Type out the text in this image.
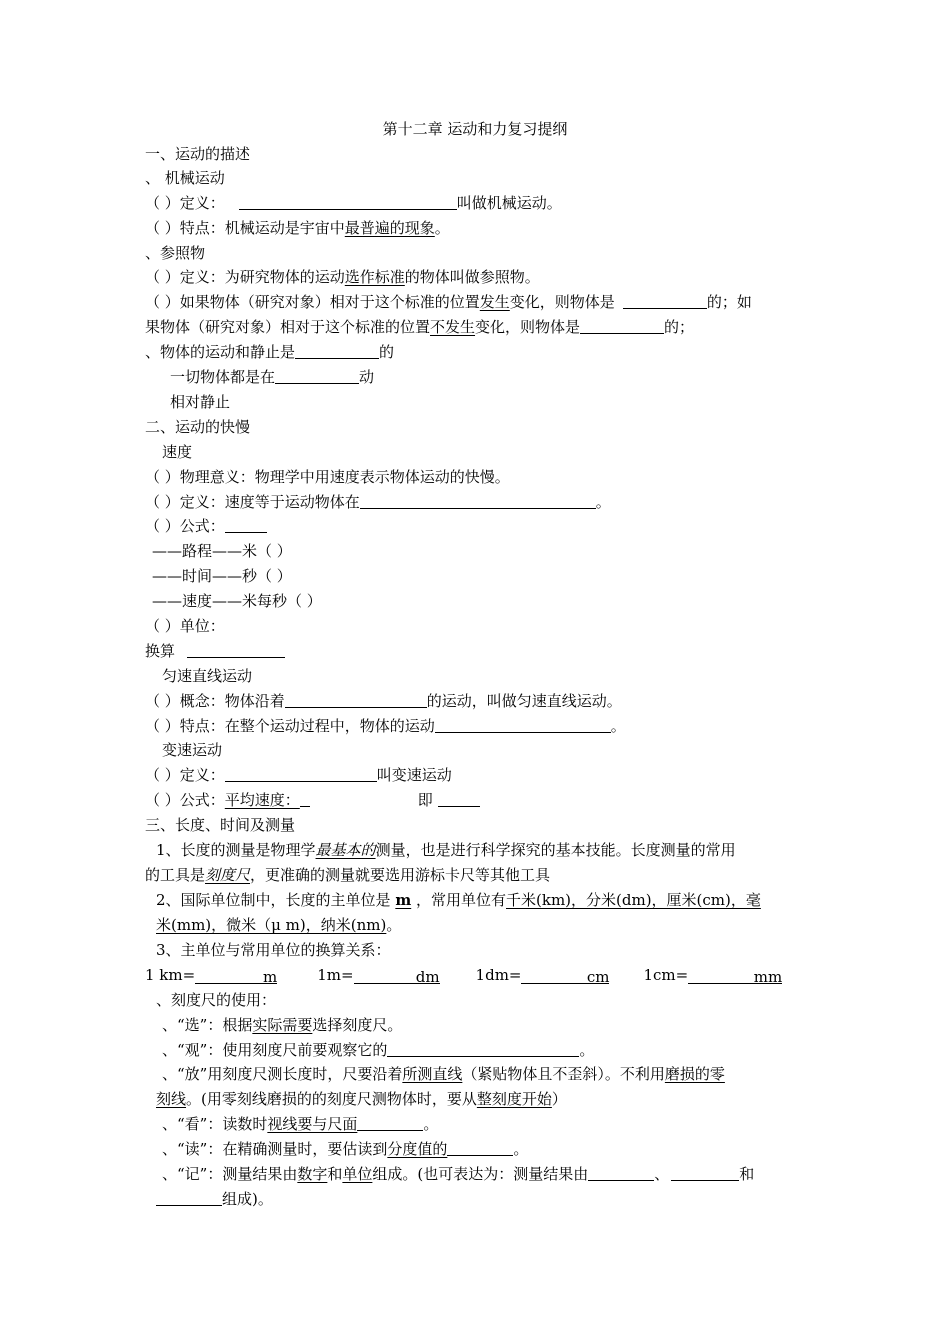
第十二章 运动和力复习提纲
一、运动的描述
、 机械运动
（ ）定义：	叫做机械运动。
（ ）特点：机械运动是宇宙中最普遍的现象。
、参照物
（ ）定义：为研究物体的运动选作标准的物体叫做参照物。
（ ）如果物体（研究对象）相对于这个标准的位置发生变化，则物体是	的；如
果物体（研究对象）相对于这个标准的位置不发生变化，则物体是	的；
、物体的运动和静止是	的
一切物体都是在	动
相对静止
二、运动的快慢
速度
（ ）物理意义：物理学中用速度表示物体运动的快慢。
（ ）定义：速度等于运动物体在	。
（ ）公式：
——路程——米（ ）
——时间——秒（ ）
——速度——米每秒（ ）
（ ）单位：
换算
匀速直线运动
（ ）概念：物体沿着	的运动，叫做匀速直线运动。
（ ）特点：在整个运动过程中，物体的运动	。
变速运动
（ ）定义：	叫变速运动
（ ）公式：平均速度：	即
三、长度、时间及测量
1、长度的测量是物理学最基本的测量，也是进行科学探究的基本技能。长度测量的常用
的工具是刻度尺，更准确的测量就要选用游标卡尺等其他工具
2、国际单位制中，长度的主单位是 m ，常用单位有千米(km)，分米(dm)，厘米(cm)，毫
米(mm)，微米（μ m)，纳米(nm)。
3、主单位与常用单位的换算关系：
1 km=	m	1m=	dm 1dm=	cm 1cm=	mm
、刻度尺的使用：
、“选”：根据实际需要选择刻度尺。
、“观”：使用刻度尺前要观察它的	。
、“放”用刻度尺测长度时，尺要沿着所测直线（紧贴物体且不歪斜）。不利用磨损的零
刻线。(用零刻线磨损的的刻度尺测物体时，要从整刻度开始）
、“看”：读数时视线要与尺面	。
、“读”：在精确测量时，要估读到分度值的	。
、“记”：测量结果由数字和单位组成。(也可表达为：测量结果由	、	和
组成)。
